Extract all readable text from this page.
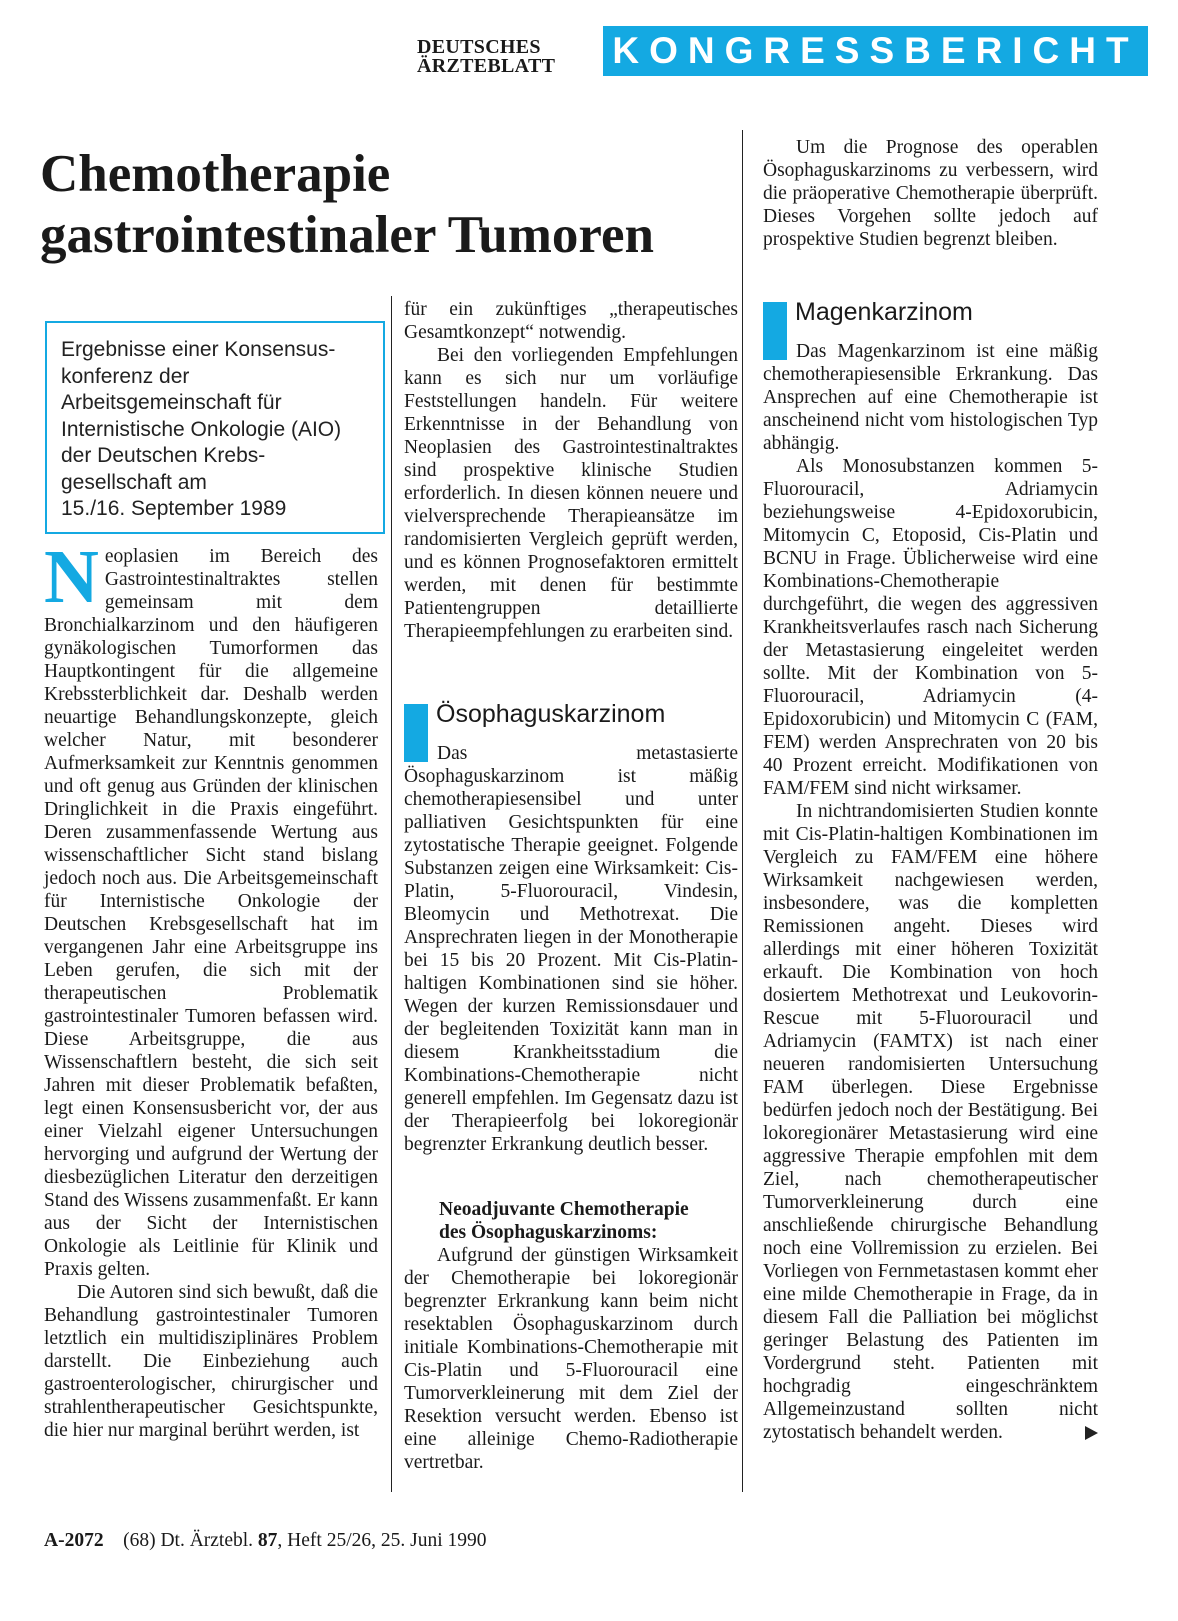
DEUTSCHES
ÄRZTEBLATT	KONGRESSBERICHT
Chemotherapie
gastrointestinaler Tumoren
Ergebnisse einer Konsensus-
konferenz der
Arbeitsgemeinschaft für
Internistische Onkologie (AIO)
der Deutschen Krebs-
gesellschaft am
15./16. September 1989

Neoplasien im Bereich des Gastrointestinaltraktes stellen gemeinsam mit dem Bronchialkarzinom und den häufigeren gynäkologischen Tumorformen das Hauptkontingent für die allgemeine Krebssterblichkeit dar. Deshalb werden neuartige Behandlungskonzepte, gleich welcher Natur, mit besonderer Aufmerksamkeit zur Kenntnis genommen und oft genug aus Gründen der klinischen Dringlichkeit in die Praxis eingeführt. Deren zusammenfassende Wertung aus wissenschaftlicher Sicht stand bislang jedoch noch aus. Die Arbeitsgemeinschaft für Internistische Onkologie der Deutschen Krebsgesellschaft hat im vergangenen Jahr eine Arbeitsgruppe ins Leben gerufen, die sich mit der therapeutischen Problematik gastrointestinaler Tumoren befassen wird. Diese Arbeitsgruppe, die aus Wissenschaftlern besteht, die sich seit Jahren mit dieser Problematik befaßten, legt einen Konsensusbericht vor, der aus einer Vielzahl eigener Untersuchungen hervorging und aufgrund der Wertung der diesbezüglichen Literatur den derzeitigen Stand des Wissens zusammenfaßt. Er kann aus der Sicht der Internistischen Onkologie als Leitlinie für Klinik und Praxis gelten.

Die Autoren sind sich bewußt, daß die Behandlung gastrointestinaler Tumoren letztlich ein multidisziplinäres Problem darstellt. Die Einbeziehung auch gastroenterologischer, chirurgischer und strahlentherapeutischer Gesichtspunkte, die hier nur marginal berührt werden, ist

für ein zukünftiges „therapeutisches Gesamtkonzept“ notwendig.

Bei den vorliegenden Empfehlungen kann es sich nur um vorläufige Feststellungen handeln. Für weitere Erkenntnisse in der Behandlung von Neoplasien des Gastrointestinaltraktes sind prospektive klinische Studien erforderlich. In diesen können neuere und vielversprechende Therapieansätze im randomisierten Vergleich geprüft werden, und es können Prognosefaktoren ermittelt werden, mit denen für bestimmte Patientengruppen detaillierte Therapieempfehlungen zu erarbeiten sind.

Ösophaguskarzinom

Das metastasierte Ösophaguskarzinom ist mäßig chemotherapiesensibel und unter palliativen Gesichtspunkten für eine zytostatische Therapie geeignet. Folgende Substanzen zeigen eine Wirksamkeit: Cis-Platin, 5-Fluorouracil, Vindesin, Bleomycin und Methotrexat. Die Ansprechraten liegen in der Monotherapie bei 15 bis 20 Prozent. Mit Cis-Platin-haltigen Kombinationen sind sie höher. Wegen der kurzen Remissionsdauer und der begleitenden Toxizität kann man in diesem Krankheitsstadium die Kombinations-Chemotherapie nicht generell empfehlen. Im Gegensatz dazu ist der Therapieerfolg bei lokoregionär begrenzter Erkrankung deutlich besser.

Neoadjuvante Chemotherapie

des Ösophaguskarzinoms:

Aufgrund der günstigen Wirksamkeit der Chemotherapie bei lokoregionär begrenzter Erkrankung kann beim nicht resektablen Ösophaguskarzinom durch initiale Kombinations-Chemotherapie mit Cis-Platin und 5-Fluorouracil eine Tumorverkleinerung mit dem Ziel der Resektion versucht werden. Ebenso ist eine alleinige Chemo-Radiotherapie vertretbar.

Um die Prognose des operablen Ösophaguskarzinoms zu verbessern, wird die präoperative Chemotherapie überprüft. Dieses Vorgehen sollte jedoch auf prospektive Studien begrenzt bleiben.

Magenkarzinom

Das Magenkarzinom ist eine mäßig chemotherapiesensible Erkrankung. Das Ansprechen auf eine Chemotherapie ist anscheinend nicht vom histologischen Typ abhängig.

Als Monosubstanzen kommen 5-Fluorouracil, Adriamycin beziehungsweise 4-Epidoxorubicin, Mitomycin C, Etoposid, Cis-Platin und BCNU in Frage. Üblicherweise wird eine Kombinations-Chemotherapie durchgeführt, die wegen des aggressiven Krankheitsverlaufes rasch nach Sicherung der Metastasierung eingeleitet werden sollte. Mit der Kombination von 5-Fluorouracil, Adriamycin (4-Epidoxorubicin) und Mitomycin C (FAM, FEM) werden Ansprechraten von 20 bis 40 Prozent erreicht. Modifikationen von FAM/FEM sind nicht wirksamer.

In nichtrandomisierten Studien konnte mit Cis-Platin-haltigen Kombinationen im Vergleich zu FAM/FEM eine höhere Wirksamkeit nachgewiesen werden, insbesondere, was die kompletten Remissionen angeht. Dieses wird allerdings mit einer höheren Toxizität erkauft. Die Kombination von hoch dosiertem Methotrexat und Leukovorin-Rescue mit 5-Fluorouracil und Adriamycin (FAMTX) ist nach einer neueren randomisierten Untersuchung FAM überlegen. Diese Ergebnisse bedürfen jedoch noch der Bestätigung. Bei lokoregionärer Metastasierung wird eine aggressive Therapie empfohlen mit dem Ziel, nach chemotherapeutischer Tumorverkleinerung durch eine anschließende chirurgische Behandlung noch eine Vollremission zu erzielen. Bei Vorliegen von Fernmetastasen kommt eher eine milde Chemotherapie in Frage, da in diesem Fall die Palliation bei möglichst geringer Belastung des Patienten im Vordergrund steht. Patienten mit hochgradig eingeschränktem Allgemeinzustand sollten nicht zytostatisch behandelt werden.

A-2072 (68) Dt. Ärztebl. 87, Heft 25/26, 25. Juni 1990
